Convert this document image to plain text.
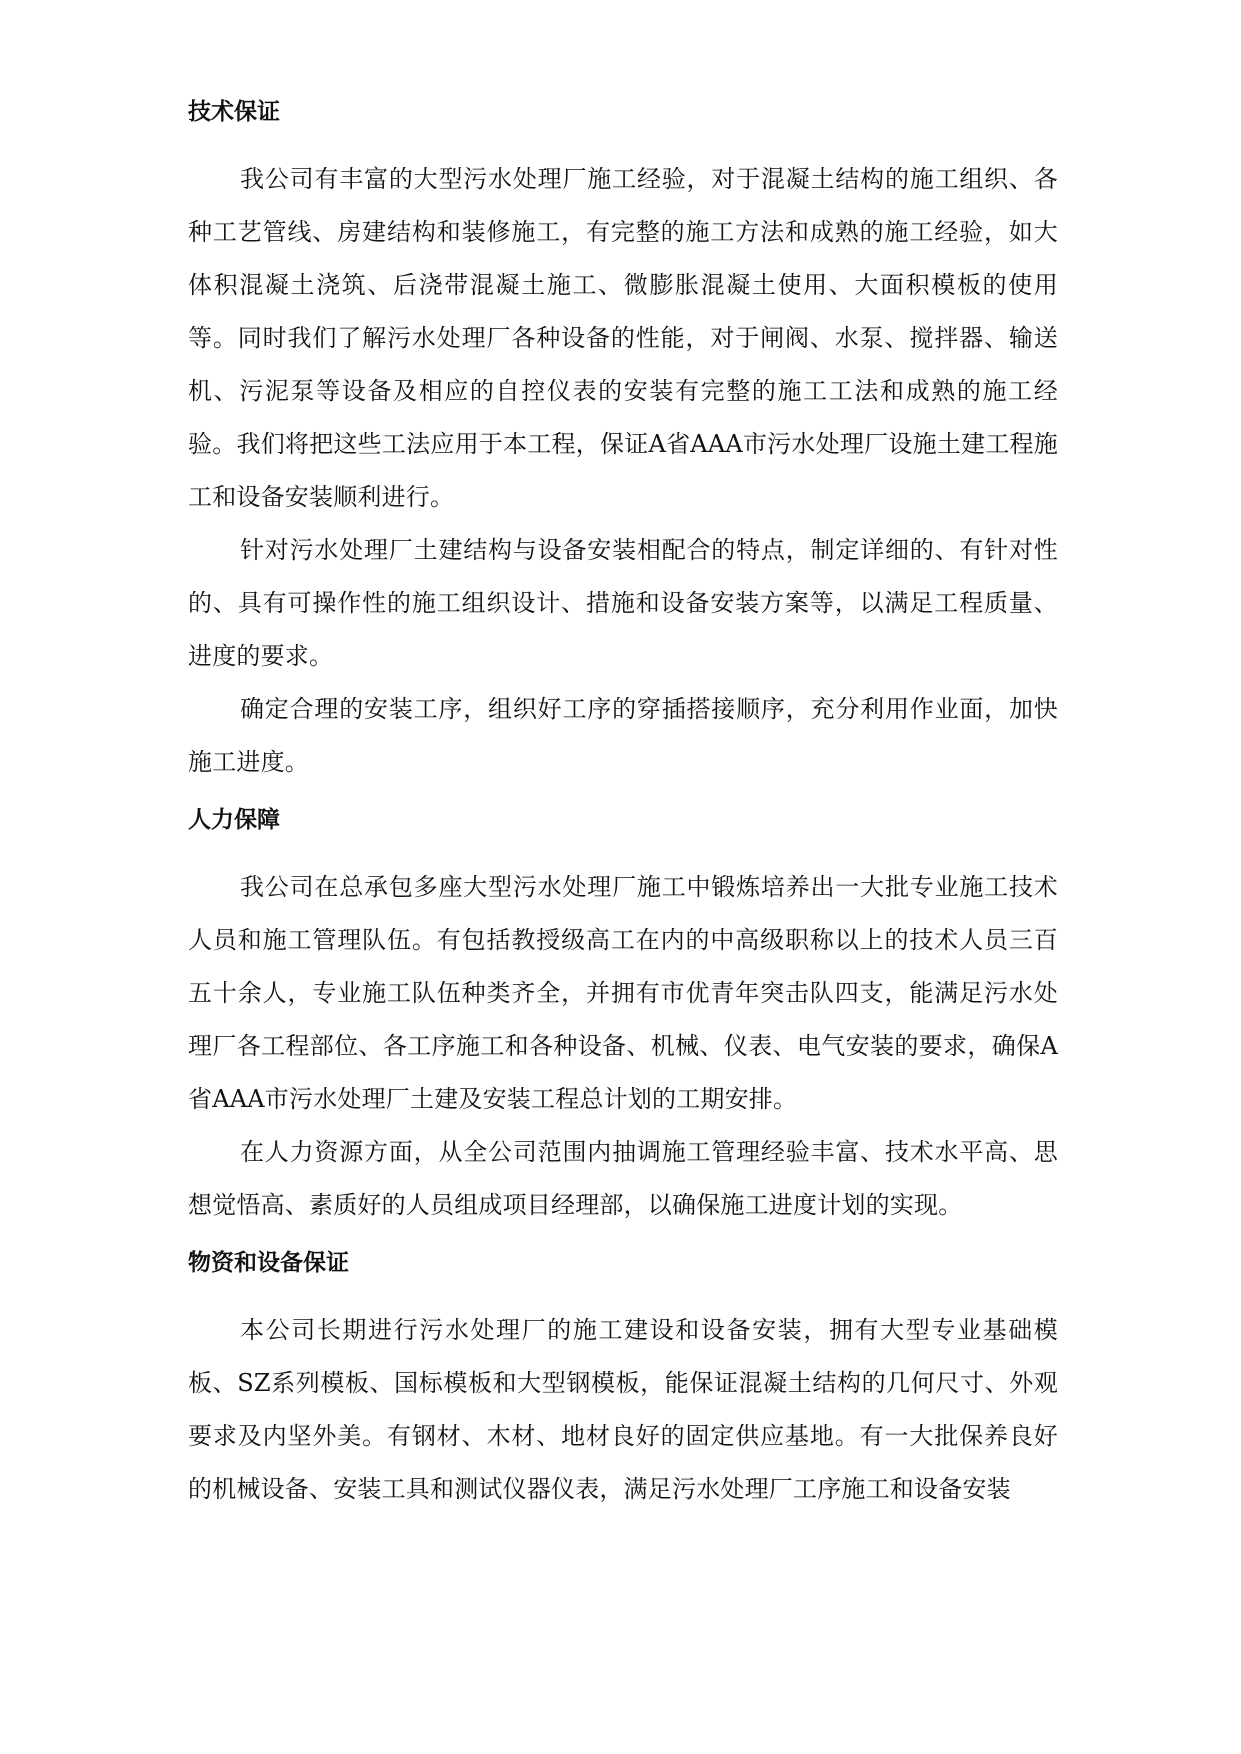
技术保证

我公司有丰富的大型污水处理厂施工经验，对于混凝土结构的施工组织、各种工艺管线、房建结构和装修施工，有完整的施工方法和成熟的施工经验，如大体积混凝土浇筑、后浇带混凝土施工、微膨胀混凝土使用、大面积模板的使用等。同时我们了解污水处理厂各种设备的性能，对于闸阀、水泵、搅拌器、输送机、污泥泵等设备及相应的自控仪表的安装有完整的施工工法和成熟的施工经验。我们将把这些工法应用于本工程，保证A省AAA市污水处理厂设施土建工程施工和设备安装顺利进行。

针对污水处理厂土建结构与设备安装相配合的特点，制定详细的、有针对性的、具有可操作性的施工组织设计、措施和设备安装方案等，以满足工程质量、进度的要求。

确定合理的安装工序，组织好工序的穿插搭接顺序，充分利用作业面，加快施工进度。

人力保障

我公司在总承包多座大型污水处理厂施工中锻炼培养出一大批专业施工技术人员和施工管理队伍。有包括教授级高工在内的中高级职称以上的技术人员三百五十余人，专业施工队伍种类齐全，并拥有市优青年突击队四支，能满足污水处理厂各工程部位、各工序施工和各种设备、机械、仪表、电气安装的要求，确保A省AAA市污水处理厂土建及安装工程总计划的工期安排。

在人力资源方面，从全公司范围内抽调施工管理经验丰富、技术水平高、思想觉悟高、素质好的人员组成项目经理部，以确保施工进度计划的实现。

物资和设备保证

本公司长期进行污水处理厂的施工建设和设备安装，拥有大型专业基础模板、SZ系列模板、国标模板和大型钢模板，能保证混凝土结构的几何尺寸、外观要求及内坚外美。有钢材、木材、地材良好的固定供应基地。有一大批保养良好的机械设备、安装工具和测试仪器仪表，满足污水处理厂工序施工和设备安装
